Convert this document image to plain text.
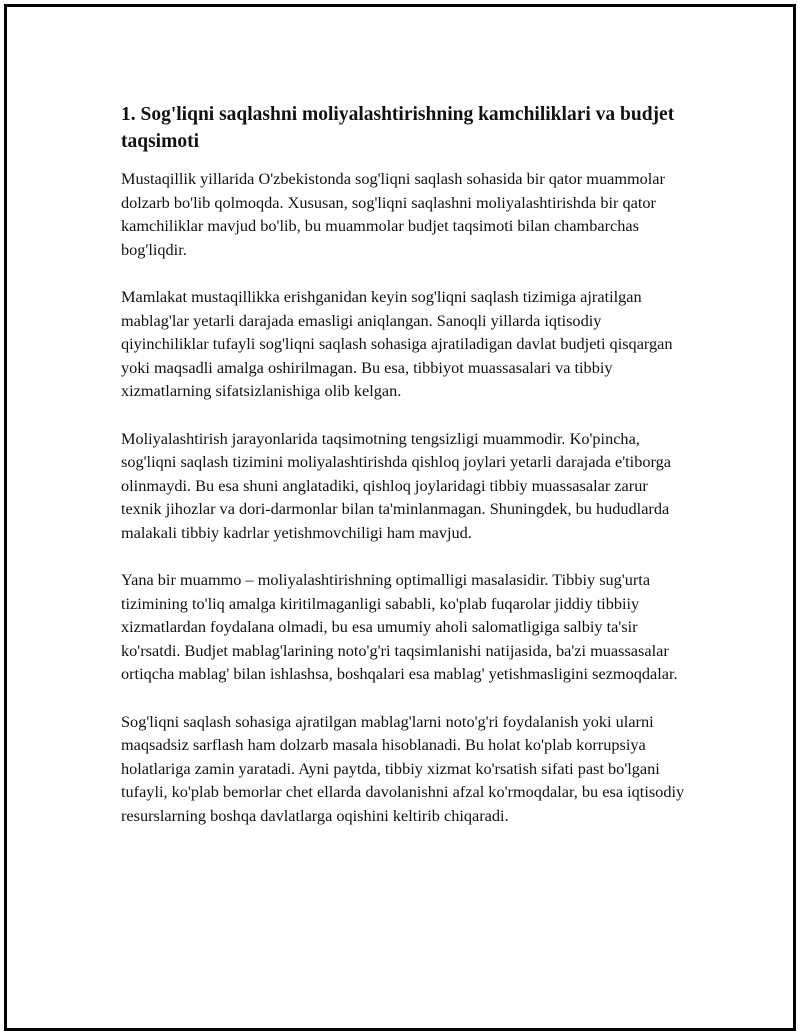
1. Sog'liqni saqlashni moliyalashtirishning kamchiliklari va budjet taqsimoti

Mustaqillik yillarida O'zbekistonda sog'liqni saqlash sohasida bir qator muammolar dolzarb bo'lib qolmoqda. Xususan, sog'liqni saqlashni moliyalashtirishda bir qator kamchiliklar mavjud bo'lib, bu muammolar budjet taqsimoti bilan chambarchas bog'liqdir.

Mamlakat mustaqillikka erishganidan keyin sog'liqni saqlash tizimiga ajratilgan mablag'lar yetarli darajada emasligi aniqlangan. Sanoqli yillarda iqtisodiy qiyinchiliklar tufayli sog'liqni saqlash sohasiga ajratiladigan davlat budjeti qisqargan yoki maqsadli amalga oshirilmagan. Bu esa, tibbiyot muassasalari va tibbiy xizmatlarning sifatsizlanishiga olib kelgan.

Moliyalashtirish jarayonlarida taqsimotning tengsizligi muammodir. Ko'pincha, sog'liqni saqlash tizimini moliyalashtirishda qishloq joylari yetarli darajada e'tiborga olinmaydi. Bu esa shuni anglatadiki, qishloq joylaridagi tibbiy muassasalar zarur texnik jihozlar va dori-darmonlar bilan ta'minlanmagan. Shuningdek, bu hududlarda malakali tibbiy kadrlar yetishmovchiligi ham mavjud.

Yana bir muammo – moliyalashtirishning optimalligi masalasidir. Tibbiy sug'urta tizimining to'liq amalga kiritilmaganligi sababli, ko'plab fuqarolar jiddiy tibbiiy xizmatlardan foydalana olmadi, bu esa umumiy aholi salomatligiga salbiy ta'sir ko'rsatdi. Budjet mablag'larining noto'g'ri taqsimlanishi natijasida, ba'zi muassasalar ortiqcha mablag' bilan ishlashsa, boshqalari esa mablag' yetishmasligini sezmoqdalar.

Sog'liqni saqlash sohasiga ajratilgan mablag'larni noto'g'ri foydalanish yoki ularni maqsadsiz sarflash ham dolzarb masala hisoblanadi. Bu holat ko'plab korrupsiya holatlariga zamin yaratadi. Ayni paytda, tibbiy xizmat ko'rsatish sifati past bo'lgani tufayli, ko'plab bemorlar chet ellarda davolanishni afzal ko'rmoqdalar, bu esa iqtisodiy resurslarning boshqa davlatlarga oqishini keltirib chiqaradi.
